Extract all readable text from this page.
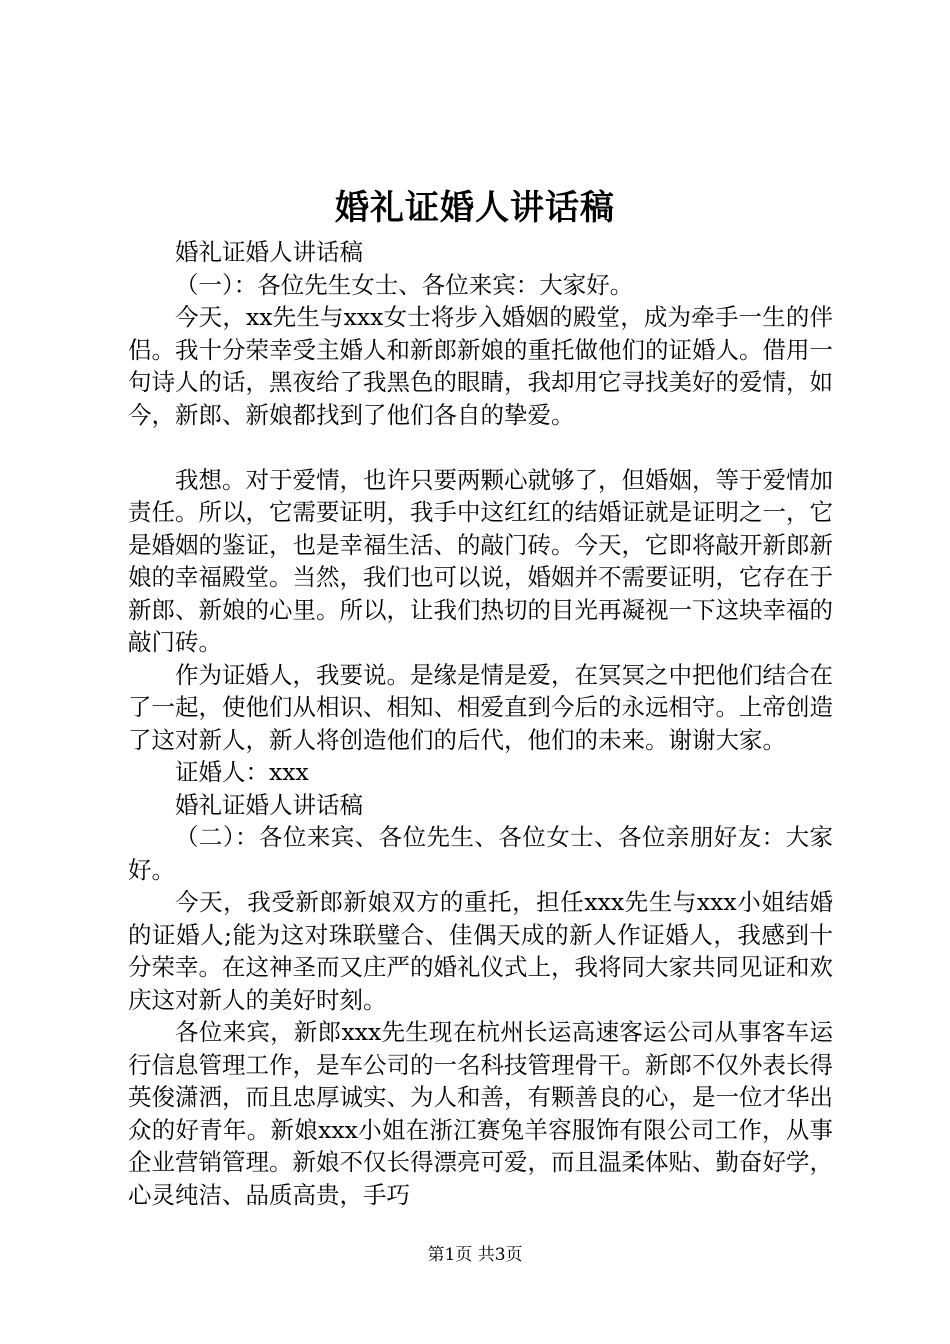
婚礼证婚人讲话稿

婚礼证婚人讲话稿

（一）：各位先生女士、各位来宾：大家好。

今天，xx先生与xxx女士将步入婚姻的殿堂，成为牵手一生的伴侣。我十分荣幸受主婚人和新郎新娘的重托做他们的证婚人。借用一句诗人的话，黑夜给了我黑色的眼睛，我却用它寻找美好的爱情，如今，新郎、新娘都找到了他们各自的挚爱。

我想。对于爱情，也许只要两颗心就够了，但婚姻，等于爱情加责任。所以，它需要证明，我手中这红红的结婚证就是证明之一，它是婚姻的鉴证，也是幸福生活、的敲门砖。今天，它即将敲开新郎新娘的幸福殿堂。当然，我们也可以说，婚姻并不需要证明，它存在于新郎、新娘的心里。所以，让我们热切的目光再凝视一下这块幸福的敲门砖。

作为证婚人，我要说。是缘是情是爱，在冥冥之中把他们结合在了一起，使他们从相识、相知、相爱直到今后的永远相守。上帝创造了这对新人，新人将创造他们的后代，他们的未来。谢谢大家。

证婚人：xxx

婚礼证婚人讲话稿

（二）：各位来宾、各位先生、各位女士、各位亲朋好友：大家好。

今天，我受新郎新娘双方的重托，担任xxx先生与xxx小姐结婚的证婚人;能为这对珠联璧合、佳偶天成的新人作证婚人，我感到十分荣幸。在这神圣而又庄严的婚礼仪式上，我将同大家共同见证和欢庆这对新人的美好时刻。

各位来宾，新郎xxx先生现在杭州长运高速客运公司从事客车运行信息管理工作，是车公司的一名科技管理骨干。新郎不仅外表长得英俊潇洒，而且忠厚诚实、为人和善，有颗善良的心，是一位才华出众的好青年。新娘xxx小姐在浙江赛兔羊容服饰有限公司工作，从事企业营销管理。新娘不仅长得漂亮可爱，而且温柔体贴、勤奋好学，心灵纯洁、品质高贵，手巧

第1页 共3页
